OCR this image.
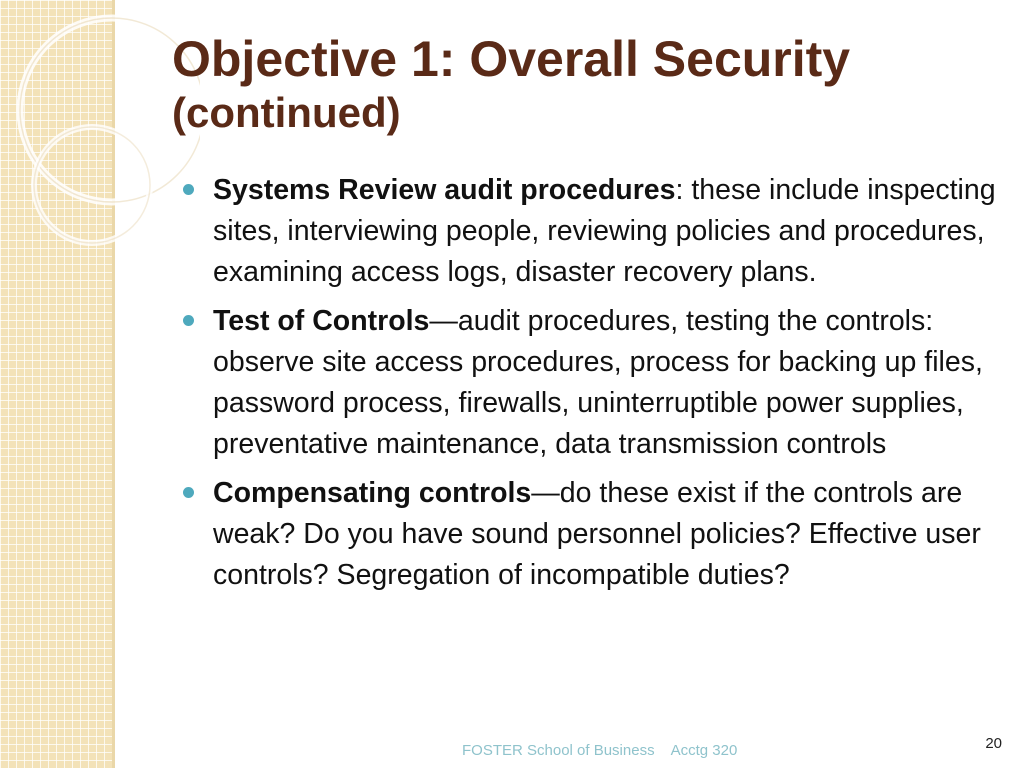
Objective 1: Overall Security
(continued)
Systems Review audit procedures: these include inspecting sites, interviewing people, reviewing policies and procedures, examining access logs, disaster recovery plans.
Test of Controls—audit procedures, testing the controls: observe site access procedures, process for backing up files, password process, firewalls, uninterruptible power supplies, preventative maintenance, data transmission controls
Compensating controls—do these exist if the controls are weak? Do you have sound personnel policies? Effective user controls? Segregation of incompatible duties?
FOSTER School of Business Acctg 320	20
